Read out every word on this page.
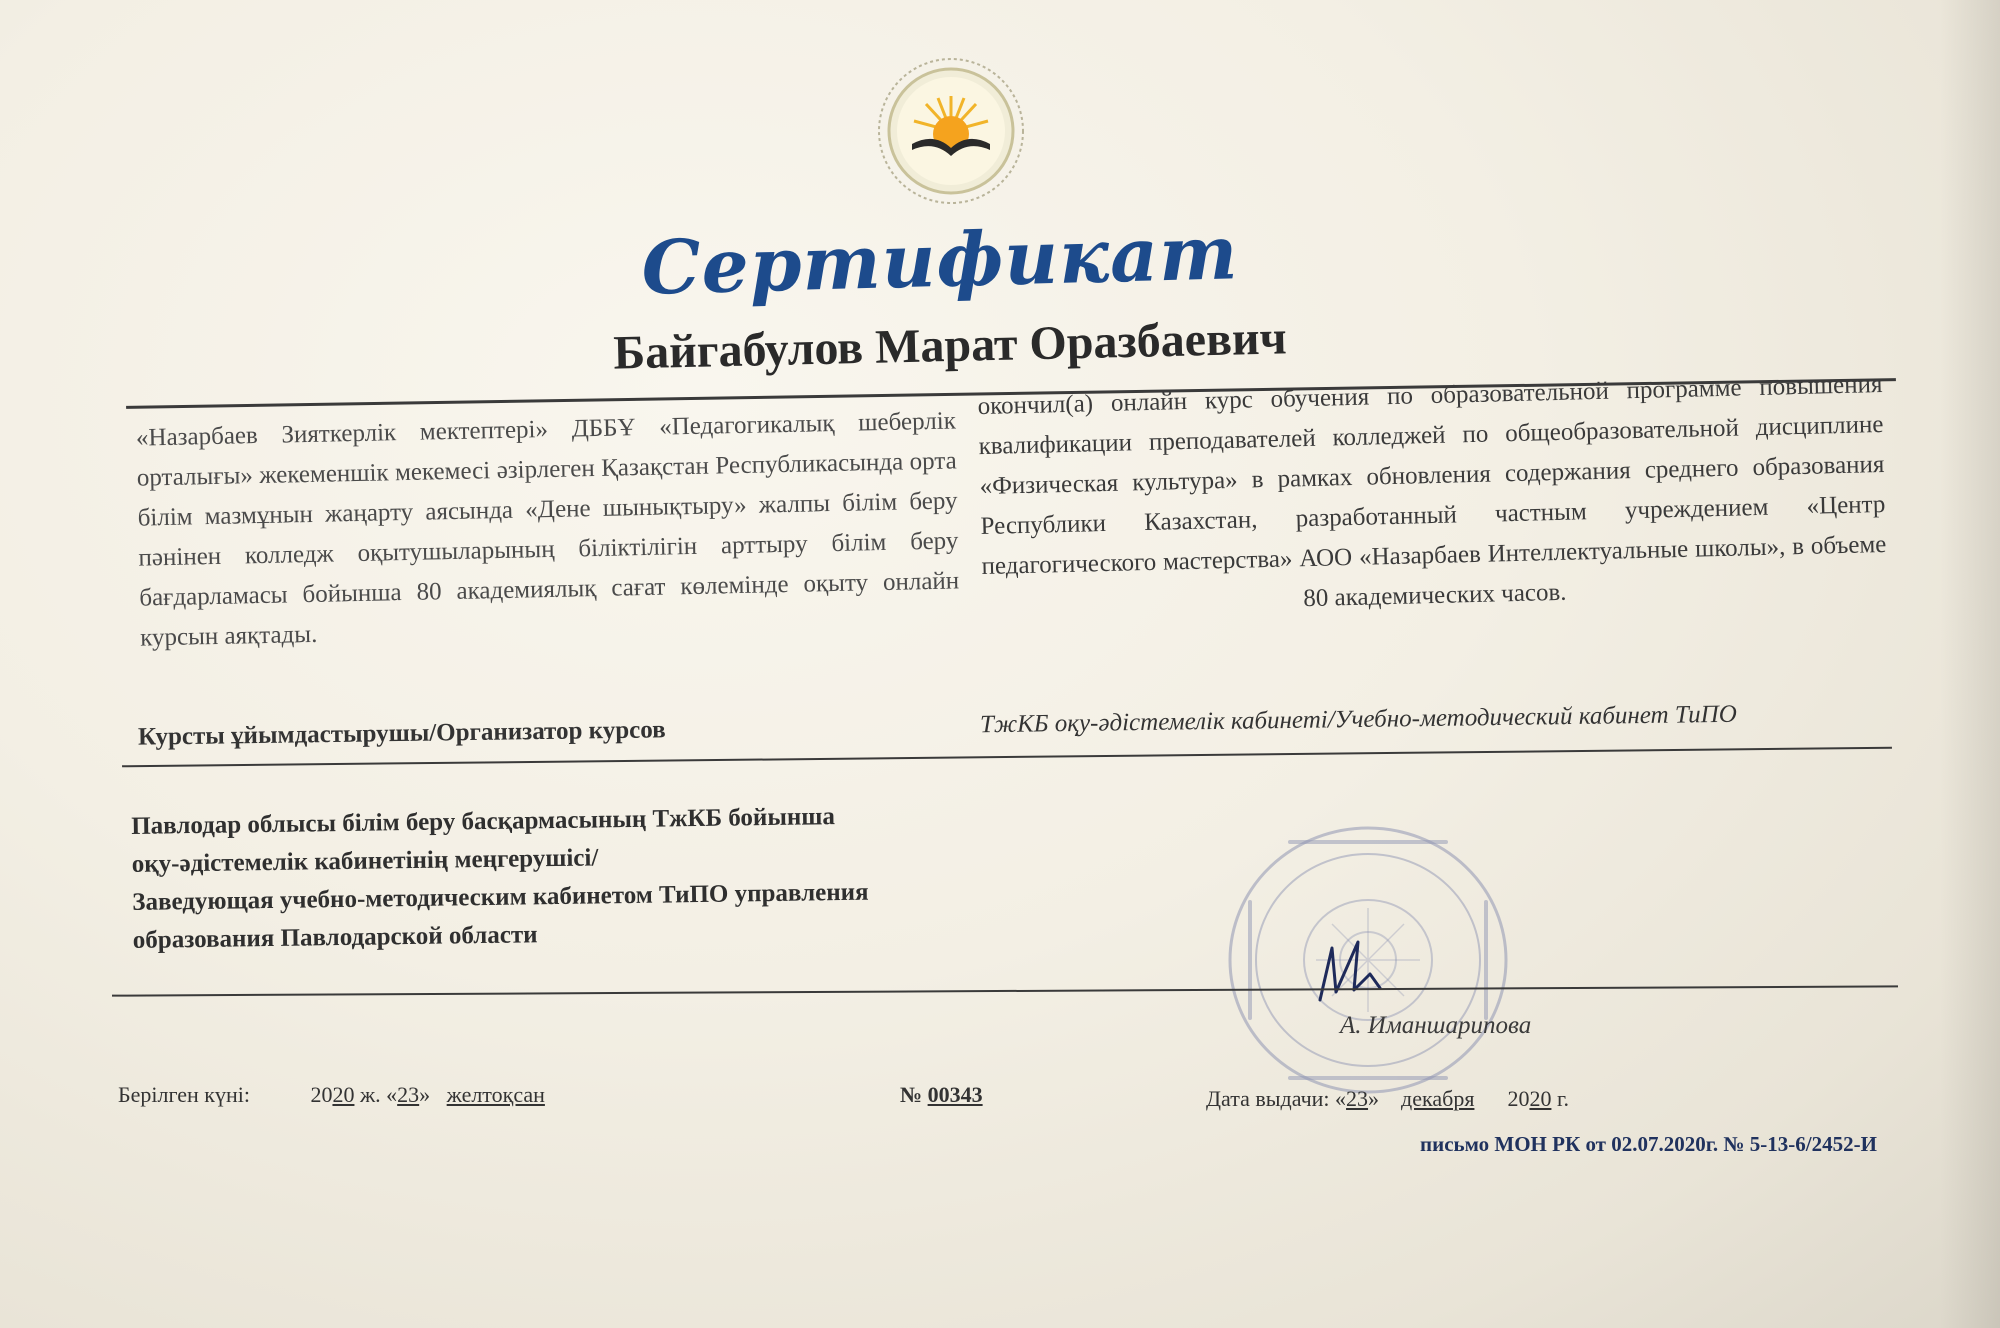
Сертификат
Байгабулов Марат Оразбаевич
«Назарбаев Зияткерлік мектептері» ДББҰ «Педагогикалық шеберлік орталығы» жекеменшік мекемесі әзірлеген Қазақстан Республикасында орта білім мазмұнын жаңарту аясында «Дене шынықтыру» жалпы білім беру пәнінен колледж оқытушыларының біліктілігін арттыру білім беру бағдарламасы бойынша 80 академиялық сағат көлемінде оқыту онлайн курсын аяқтады.
окончил(а) онлайн курс обучения по образовательной программе повышения квалификации преподавателей колледжей по общеобразовательной дисциплине «Физическая культура» в рамках обновления содержания среднего образования Республики Казахстан, разработанный частным учреждением «Центр педагогического мастерства» АОО «Назарбаев Интеллектуальные школы», в объеме 80 академических часов.
Курсты ұйымдастырушы/Организатор курсов	ТжКБ оқу-әдістемелік кабинеті/Учебно-методический кабинет ТиПО
Павлодар облысы білім беру басқармасының ТжКБ бойынша
оқу-әдістемелік кабинетінің меңгерушісі/
Заведующая учебно-методическим кабинетом ТиПО управления
образования Павлодарской области
А. Иманшарипова
Берілген күні:	2020 ж. «23»   желтоқсан	№ 00343	Дата выдачи: «23»    декабря 2020 г.
письмо МОН РК от 02.07.2020г. № 5-13-6/2452-И
